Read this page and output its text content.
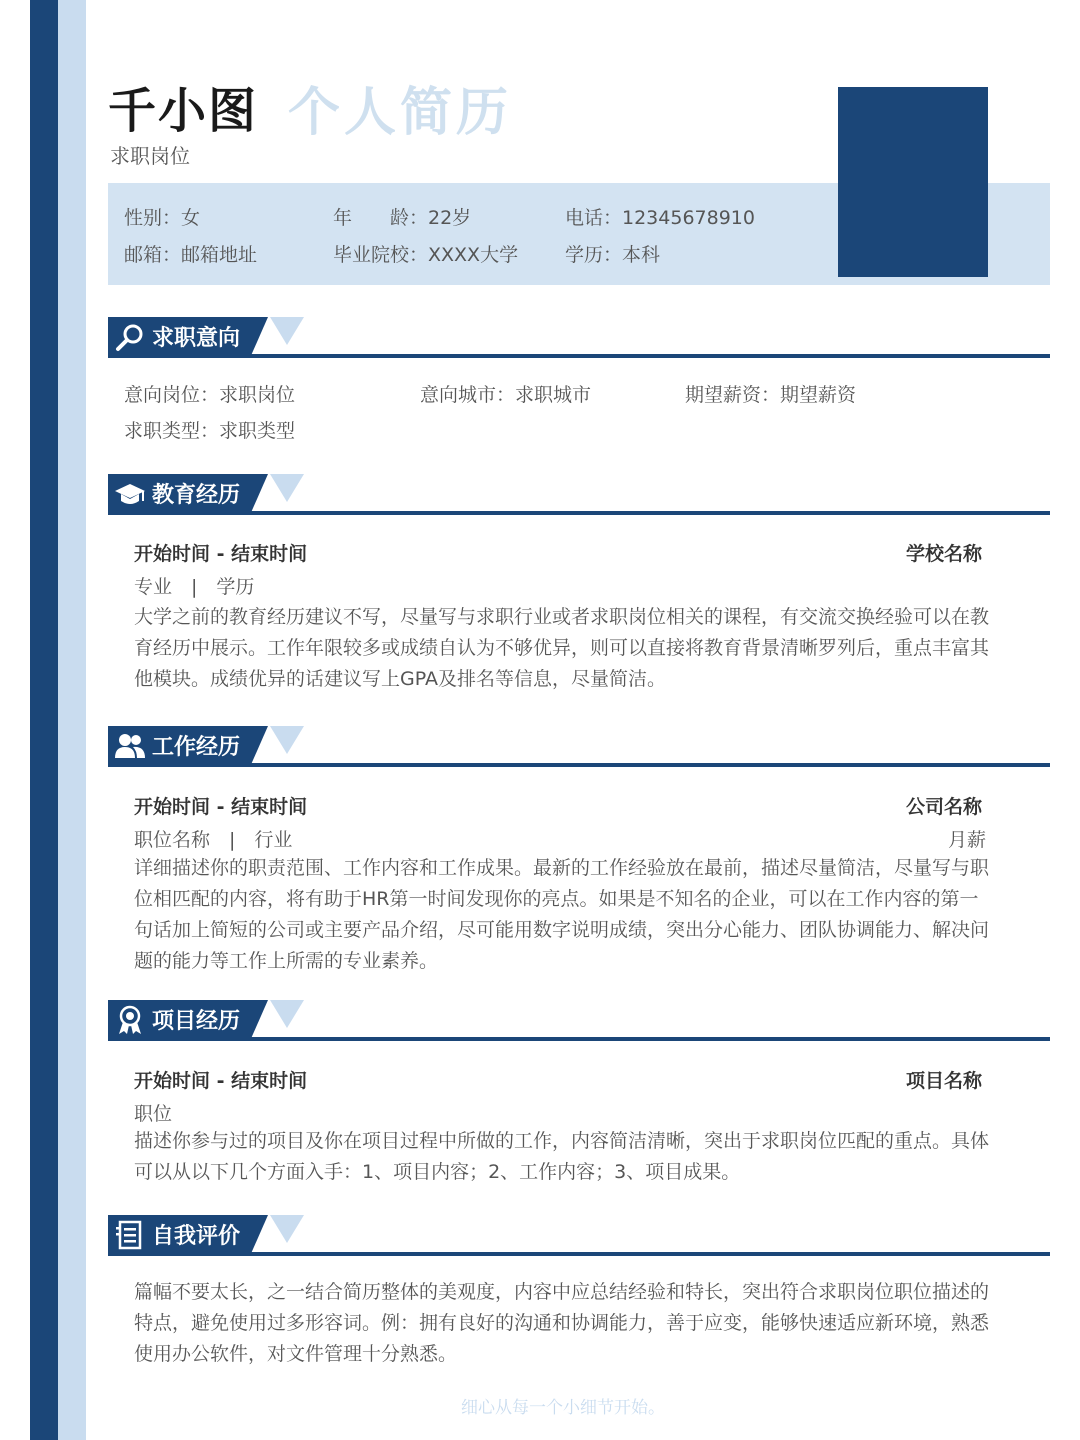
千小图 个人简历
求职岗位
性别：女	年　　龄：22岁	电话：12345678910
邮箱：邮箱地址	毕业院校：XXXX大学 学历：本科
求职意向
意向岗位：求职岗位	意向城市：求职城市	期望薪资：期望薪资
求职类型：求职类型
教育经历
开始时间 - 结束时间	学校名称
专业　|　学历
大学之前的教育经历建议不写，尽量写与求职行业或者求职岗位相关的课程，有交流交换经验可以在教育经历中展示。工作年限较多或成绩自认为不够优异，则可以直接将教育背景清晰罗列后，重点丰富其他模块。成绩优异的话建议写上GPA及排名等信息，尽量简洁。
工作经历
开始时间 - 结束时间	公司名称
职位名称　|　行业	月薪
详细描述你的职责范围、工作内容和工作成果。最新的工作经验放在最前，描述尽量简洁，尽量写与职位相匹配的内容，将有助于HR第一时间发现你的亮点。如果是不知名的企业，可以在工作内容的第一句话加上简短的公司或主要产品介绍，尽可能用数字说明成绩，突出分心能力、团队协调能力、解决问题的能力等工作上所需的专业素养。
项目经历
开始时间 - 结束时间	项目名称
职位
描述你参与过的项目及你在项目过程中所做的工作，内容简洁清晰，突出于求职岗位匹配的重点。具体可以从以下几个方面入手：1、项目内容；2、工作内容；3、项目成果。
自我评价
篇幅不要太长，之一结合简历整体的美观度，内容中应总结经验和特长，突出符合求职岗位职位描述的特点，避免使用过多形容词。例：拥有良好的沟通和协调能力，善于应变，能够快速适应新环境，熟悉使用办公软件，对文件管理十分熟悉。
细心从每一个小细节开始。
